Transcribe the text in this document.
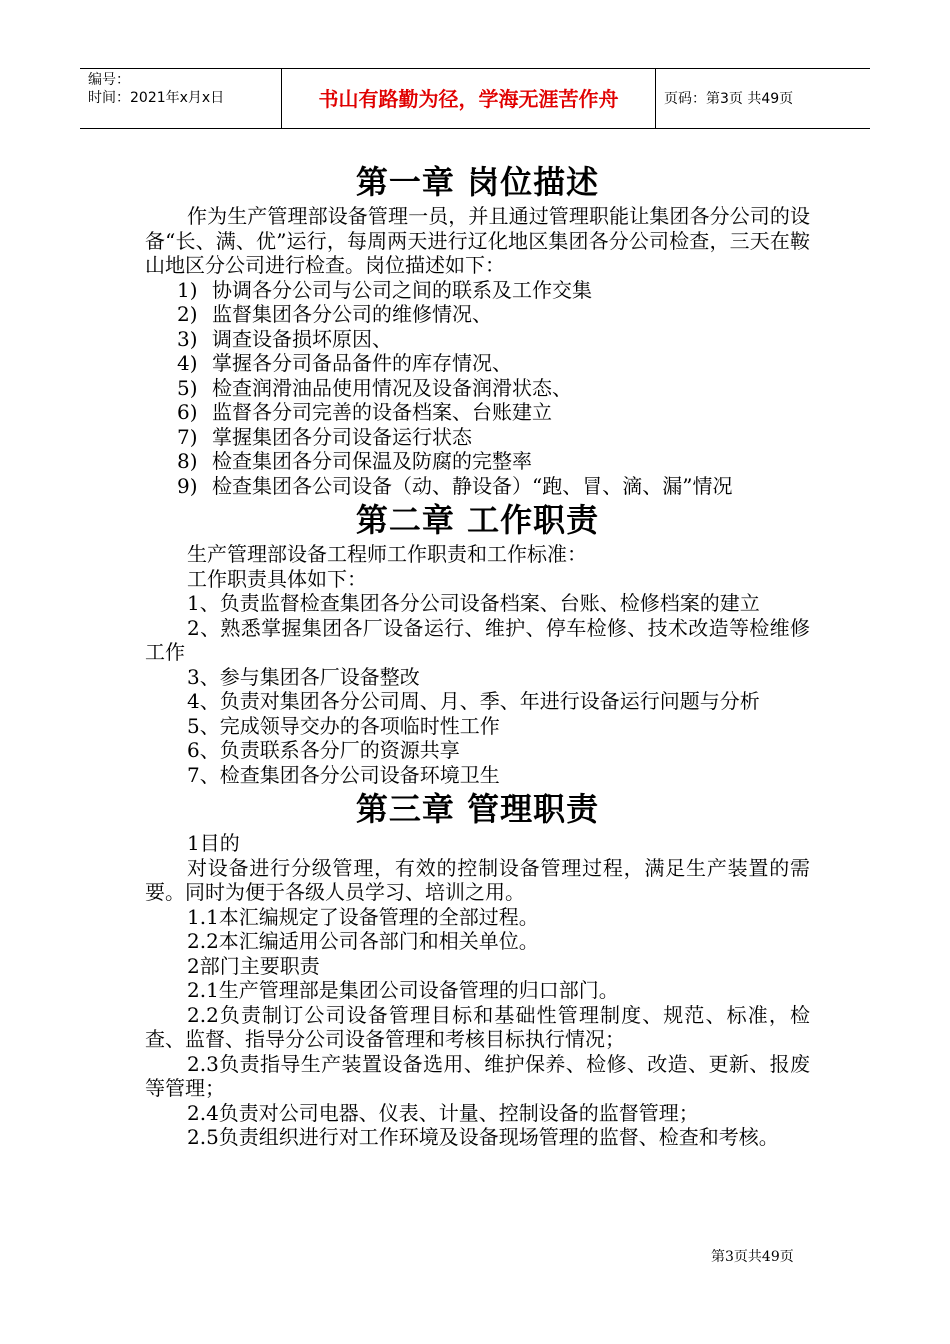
编号：
时间：2021年x月x日	书山有路勤为径，学海无涯苦作舟	页码：第3页 共49页
第一章 岗位描述

作为生产管理部设备管理一员，并且通过管理职能让集团各分公司的设备“长、满、优”运行，每周两天进行辽化地区集团各分公司检查，三天在鞍山地区分公司进行检查。岗位描述如下：

1) 协调各分公司与公司之间的联系及工作交集
2) 监督集团各分公司的维修情况、
3) 调查设备损坏原因、
4) 掌握各分司备品备件的库存情况、
5) 检查润滑油品使用情况及设备润滑状态、
6) 监督各分司完善的设备档案、台账建立
7) 掌握集团各分司设备运行状态
8) 检查集团各分司保温及防腐的完整率
9) 检查集团各公司设备（动、静设备）“跑、冒、滴、漏”情况
第二章 工作职责

生产管理部设备工程师工作职责和工作标准：

工作职责具体如下：

1、负责监督检查集团各分公司设备档案、台账、检修档案的建立

2、熟悉掌握集团各厂设备运行、维护、停车检修、技术改造等检维修工作

3、参与集团各厂设备整改

4、负责对集团各分公司周、月、季、年进行设备运行问题与分析

5、完成领导交办的各项临时性工作

6、负责联系各分厂的资源共享

7、检查集团各分公司设备环境卫生

第三章 管理职责

1目的

对设备进行分级管理，有效的控制设备管理过程，满足生产装置的需要。同时为便于各级人员学习、培训之用。

1.1本汇编规定了设备管理的全部过程。

2.2本汇编适用公司各部门和相关单位。

2部门主要职责

2.1生产管理部是集团公司设备管理的归口部门。

2.2负责制订公司设备管理目标和基础性管理制度、规范、标准，检查、监督、指导分公司设备管理和考核目标执行情况；

2.3负责指导生产装置设备选用、维护保养、检修、改造、更新、报废等管理；

2.4负责对公司电器、仪表、计量、控制设备的监督管理；

2.5负责组织进行对工作环境及设备现场管理的监督、检查和考核。

第3页共49页
